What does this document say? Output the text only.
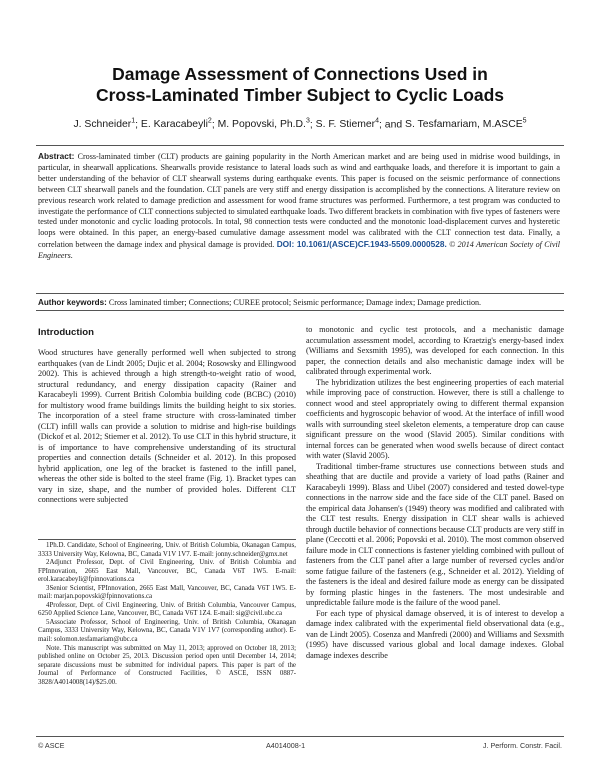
Damage Assessment of Connections Used in
Cross-Laminated Timber Subject to Cyclic Loads
J. Schneider$^1$; E. Karacabeyli$^2$; M. Popovski, Ph.D.$^3$; S. F. Stiemer$^4$; and S. Tesfamariam, M.ASCE$^5$
Abstract: Cross-laminated timber (CLT) products are gaining popularity in the North American market and are being used in midrise wood buildings, in particular, in shearwall applications. Shearwalls provide resistance to lateral loads such as wind and earthquake loads, and therefore it is important to gain a better understanding of the behavior of CLT shearwall systems during earthquake events. This paper is focused on the seismic performance of connections between CLT shearwall panels and the foundation. CLT panels are very stiff and energy dissipation is accomplished by the connections. A literature review on previous research work related to damage prediction and assessment for wood frame structures was performed. Furthermore, a test program was conducted to investigate the performance of CLT connections subjected to simulated earthquake loads. Two different brackets in combination with five types of fasteners were tested under monotonic and cyclic loading protocols. In total, 98 connection tests were conducted and the monotonic load-displacement curves and hysteretic loops were obtained. In this paper, an energy-based cumulative damage assessment model was calibrated with the CLT connection test data. Finally, a correlation between the damage index and physical damage is provided. DOI: 10.1061/(ASCE)CF.1943-5509.0000528. © 2014 American Society of Civil Engineers.
Author keywords: Cross laminated timber; Connections; CUREE protocol; Seismic performance; Damage index; Damage prediction.
Introduction

Wood structures have generally performed well when subjected to strong earthquakes (van de Lindt 2005; Dujic et al. 2004; Rosowsky and Ellingwood 2002). This is achieved through a high strength-to-weight ratio of wood, structural redundancy, and energy dissipation capacity (Rainer and Karacabeyli 1999). Current British Colombia building code (BCBC) (2010) for multistory wood frame buildings limits the building height to six stories. The incorporation of a steel frame structure with cross-laminated timber (CLT) infill walls can provide a solution to midrise and high-rise buildings (Dickof et al. 2012; Stiemer et al. 2012). To use CLT in this hybrid structure, it is of importance to have comprehensive understanding of its structural properties and connection details (Schneider et al. 2012). In this proposed hybrid application, one leg of the bracket is fastened to the infill panel, whereas the other side is bolted to the steel frame (Fig. 1). Bracket types can vary in size, shape, and the number of provided holes. Different CLT connections were subjected

1Ph.D. Candidate, School of Engineering, Univ. of British Columbia, Okanagan Campus, 3333 University Way, Kelowna, BC, Canada V1V 1V7. E-mail: jonny.schneider@gmx.net

2Adjunct Professor, Dept. of Civil Engineering, Univ. of British Columbia and FPInnovation, 2665 East Mall, Vancouver, BC, Canada V6T 1W5. E-mail: erol.karacabeyli@fpinnovations.ca

3Senior Scientist, FPInnovation, 2665 East Mall, Vancouver, BC, Canada V6T 1W5. E-mail: marjan.popovski@fpinnovations.ca

4Professor, Dept. of Civil Engineering, Univ. of British Columbia, Vancouver Campus, 6250 Applied Science Lane, Vancouver, BC, Canada V6T 1Z4. E-mail: sig@civil.ubc.ca

5Associate Professor, School of Engineering, Univ. of British Columbia, Okanagan Campus, 3333 University Way, Kelowna, BC, Canada V1V 1V7 (corresponding author). E-mail: solomon.tesfamariam@ubc.ca

Note. This manuscript was submitted on May 11, 2013; approved on October 18, 2013; published online on October 25, 2013. Discussion period open until December 14, 2014; separate discussions must be submitted for individual papers. This paper is part of the Journal of Performance of Constructed Facilities, © ASCE, ISSN 0887-3828/A4014008(14)/$25.00.

to monotonic and cyclic test protocols, and a mechanistic damage accumulation assessment model, according to Kraetzig's energy-based index (Williams and Sexsmith 1995), was developed for each connection. In this paper, the connection details and also mechanistic damage index will be calibrated through experimental work.

The hybridization utilizes the best engineering properties of each material while improving pace of construction. However, there is still a challenge to connect wood and steel appropriately owing to different thermal expansion coefficients and hygroscopic behavior of wood. At the interface of infill wood walls with surrounding steel skeleton elements, a temperature drop can cause significant pressure on the wood (Slavid 2005). Similar conditions with internal forces can be generated when wood swells because of direct contact with water (Slavid 2005).

Traditional timber-frame structures use connections between studs and sheathing that are ductile and provide a variety of load paths (Rainer and Karacabeyli 1999). Blass and Uibel (2007) considered and tested dowel-type connections in the narrow side and the face side of the CLT panel. Based on the empirical data Johansen's (1949) theory was modified and calibrated with the CLT test results. Energy dissipation in CLT shear walls is achieved through ductile behavior of connections because CLT products are very stiff in plane (Ceccotti et al. 2006; Popovski et al. 2010). The most common observed failure mode in CLT connections is fastener yielding combined with pullout of fasteners from the CLT panel after a large number of reversed cycles and/or some fatigue failure of the fasteners (e.g., Schneider et al. 2012). Yielding of the fasteners is the ideal and desired failure mode as energy can be dissipated by forming plastic hinges in the fasteners. The most undesirable and unpredictable failure mode is the failure of the wood panel.

For each type of physical damage observed, it is of interest to develop a damage index calibrated with the experimental field observational data (e.g., van de Lindt 2005). Cosenza and Manfredi (2000) and Williams and Sexsmith (1995) have discussed various global and local damage indexes. Global damage indexes describe

© ASCE	A4014008-1	J. Perform. Constr. Facil.
